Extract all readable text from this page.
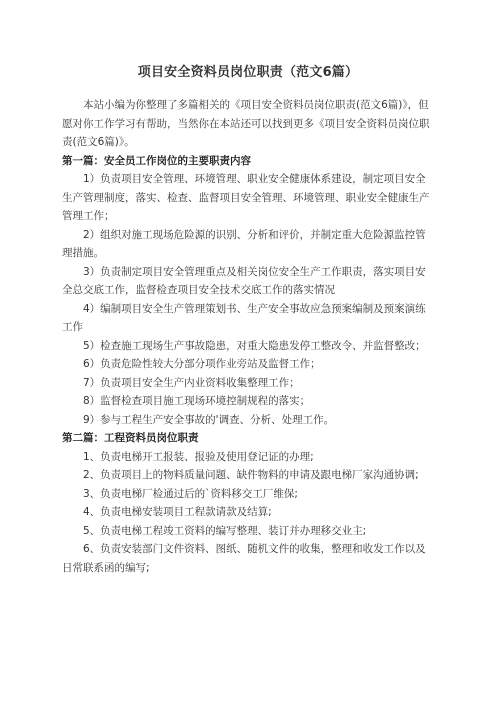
项目安全资料员岗位职责（范文6篇）

本站小编为你整理了多篇相关的《项目安全资料员岗位职责(范文6篇)》，但愿对你工作学习有帮助，当然你在本站还可以找到更多《项目安全资料员岗位职责(范文6篇)》。

第一篇：安全员工作岗位的主要职责内容

1）负责项目安全管理、环境管理、职业安全健康体系建设，制定项目安全生产管理制度，落实、检查、监督项目安全管理、环境管理、职业安全健康生产管理工作；

2）组织对施工现场危险源的识别、分析和评价，并制定重大危险源监控管理措施。

3）负责制定项目安全管理重点及相关岗位安全生产工作职责，落实项目安全总交底工作，监督检查项目安全技术交底工作的落实情况

4）编制项目安全生产管理策划书、生产安全事故应急预案编制及预案演练工作

5）检查施工现场生产事故隐患，对重大隐患发停工整改令、并监督整改；

6）负责危险性较大分部分项作业旁站及监督工作；

7）负责项目安全生产内业资料收集整理工作；

8）监督检查项目施工现场环境控制规程的落实；

9）参与工程生产安全事故的'调查、分析、处理工作。

第二篇：工程资料员岗位职责

1、负责电梯开工报装、报验及使用登记证的办理;

2、负责项目上的物料质量问题、缺件物料的申请及跟电梯厂家沟通协调;

3、负责电梯厂检通过后的`资料移交工厂维保;

4、负责电梯安装项目工程款请款及结算;

5、负责电梯工程竣工资料的编写整理、装订并办理移交业主;

6、负责安装部门文件资料、图纸、随机文件的收集，整理和收发工作以及日常联系函的编写;
